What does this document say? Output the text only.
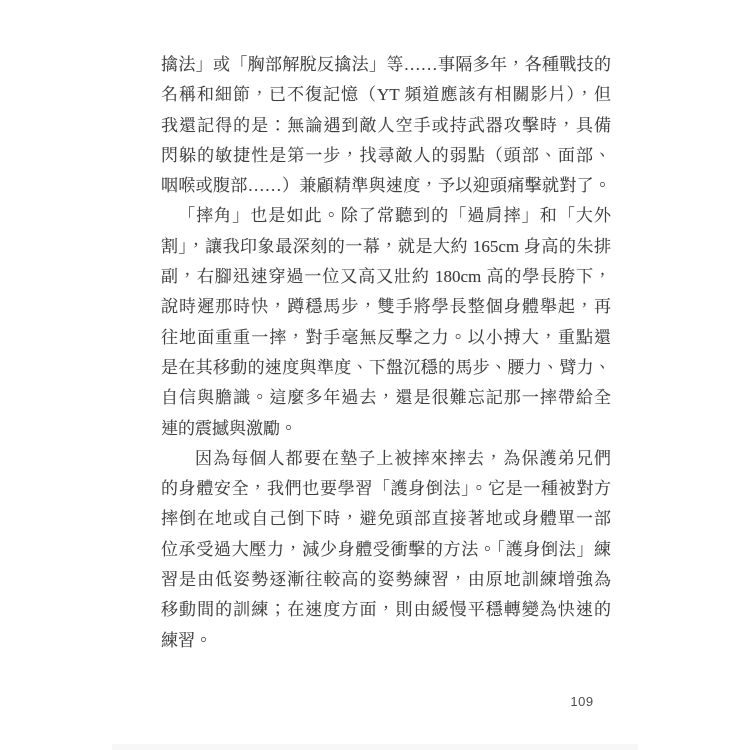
擒法」或「胸部解脫反擒法」等……事隔多年，各種戰技的
名稱和細節，已不復記憶（YT 頻道應該有相關影片），但
我還記得的是：無論遇到敵人空手或持武器攻擊時，具備
閃躲的敏捷性是第一步，找尋敵人的弱點（頭部、面部、
咽喉或腹部……）兼顧精準與速度，予以迎頭痛擊就對了。
「摔角」也是如此。除了常聽到的「過肩摔」和「大外
割」，讓我印象最深刻的一幕，就是大約 165cm 身高的朱排
副，右腳迅速穿過一位又高又壯約 180cm 高的學長胯下，
說時遲那時快，蹲穩馬步，雙手將學長整個身體舉起，再
往地面重重一摔，對手毫無反擊之力。以小搏大，重點還
是在其移動的速度與準度、下盤沉穩的馬步、腰力、臂力、
自信與膽識。這麼多年過去，還是很難忘記那一摔帶給全
連的震撼與激勵。
因為每個人都要在墊子上被摔來摔去，為保護弟兄們
的身體安全，我們也要學習「護身倒法」。它是一種被對方
摔倒在地或自己倒下時，避免頭部直接著地或身體單一部
位承受過大壓力，減少身體受衝擊的方法。「護身倒法」練
習是由低姿勢逐漸往較高的姿勢練習，由原地訓練增強為
移動間的訓練；在速度方面，則由緩慢平穩轉變為快速的
練習。
109
